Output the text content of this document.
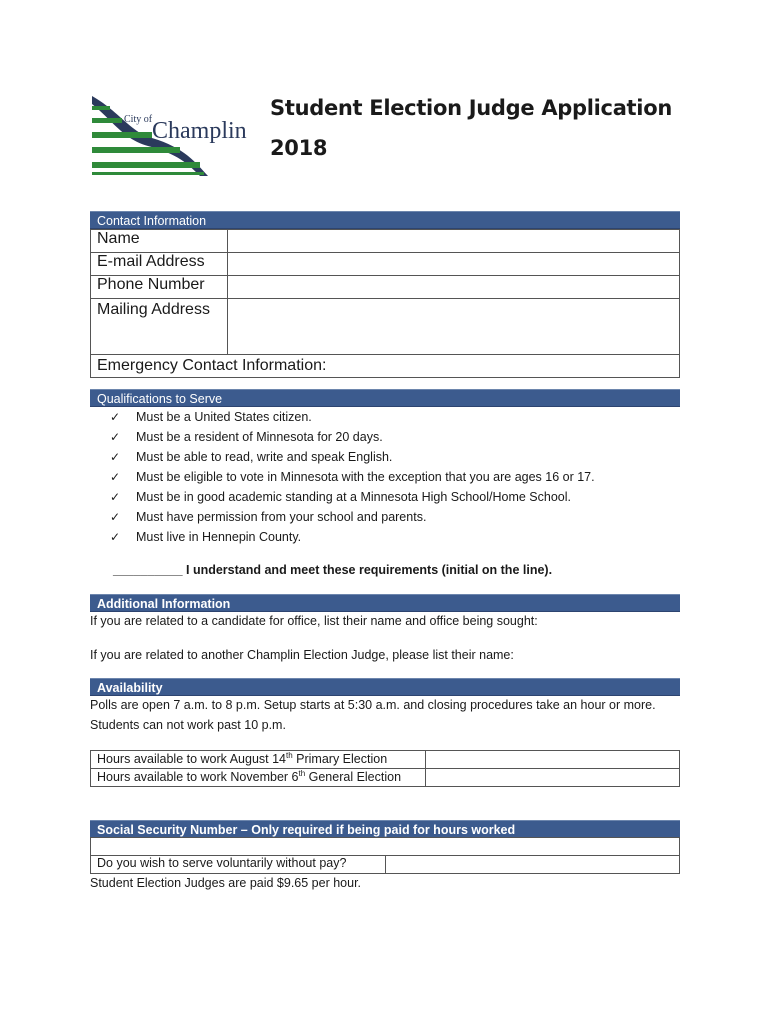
City of Champlin
Student Election Judge Application
2018
Contact Information
Name	
E-mail Address	
Phone Number	
Mailing Address	
Emergency Contact Information:	
Qualifications to Serve
✓ Must be a United States citizen.
✓ Must be a resident of Minnesota for 20 days.
✓ Must be able to read, write and speak English.
✓ Must be eligible to vote in Minnesota with the exception that you are ages 16 or 17.
✓ Must be in good academic standing at a Minnesota High School/Home School.
✓ Must have permission from your school and parents.
✓ Must live in Hennepin County.
__________ I understand and meet these requirements (initial on the line).
Additional Information
If you are related to a candidate for office, list their name and office being sought:
If you are related to another Champlin Election Judge, please list their name:
Availability
Polls are open 7 a.m. to 8 p.m. Setup starts at 5:30 a.m. and closing procedures take an hour or more.
Students can not work past 10 p.m.
Hours available to work August 14th Primary Election	
Hours available to work November 6th General Election	
Social Security Number – Only required if being paid for hours worked

Do you wish to serve voluntarily without pay?	
Student Election Judges are paid $9.65 per hour.
